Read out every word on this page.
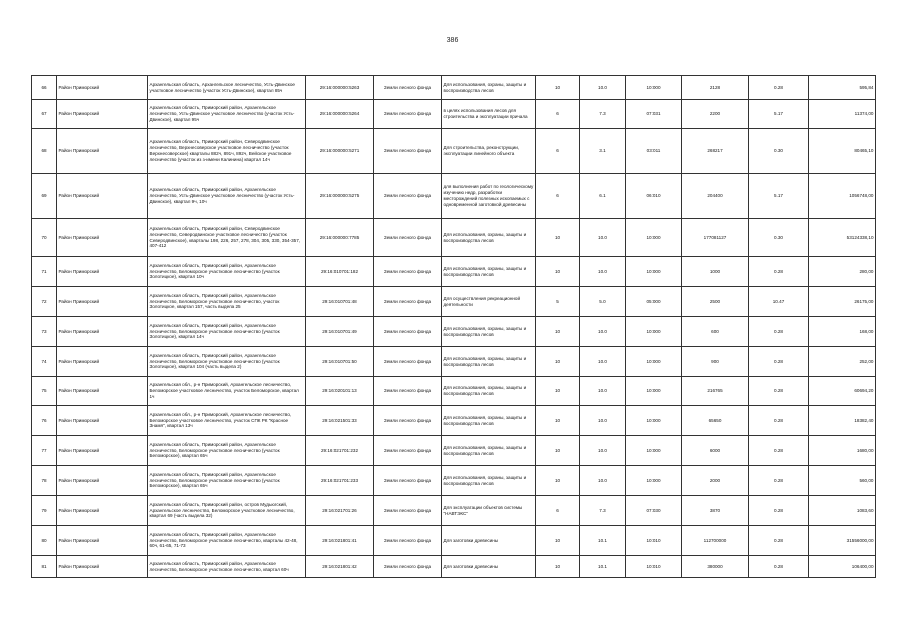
386
66	Район Приморский	Архангельская область, Архангельское лесничество, Усть-Двинское участковое лесничество (участок Усть-Двинское), квартал 85ч	29:16:000000:5263	Земли лесного фонда	Для использования, охраны, защиты и воспроизводства лесов	10	10.0	10:000	2128	0.28	595,84
67	Район Приморский	Архангельская область, Приморский район, Архангельское лесничество, Усть-Двинское участковое лесничество (участок Усть-Двинское), квартал 95ч	29:16:000000:5264	Земли лесного фонда	в целях использования лесов для строительства и эксплуатации причала	6	7.3	07:031	2200	5.17	11374,00
68	Район Приморский	Архангельская область, Приморский район, Северодвинское лесничество, Верхнесоверское участковое лесничество (участок Верхнесоверское) кварталы 882ч, 891ч, 892ч, Вейское участковое лесничество (участок из з-имени Калинина) квартал 14ч	29:16:000000:5271	Земли лесного фонда	Для строительства, реконструкции, эксплуатации линейного объекта	6	3.1	03:011	268217	0.30	80465,10
69	Район Приморский	Архангельская область, Приморский район, Архангельское лесничество, Усть-Двинское участковое лесничество (участок Усть-Двинское), квартал 9ч, 10ч	29:16:000000:5275	Земли лесного фонда	для выполнения работ по геологическому изучению недр, разработки месторождений полезных ископаемых с одновременной заготовкой древесины	6	6.1	06:010	204400	5.17	1056748,00
70	Район Приморский	Архангельская область, Приморский район, Северодвинское лесничество, Северодвинское участковое лесничество (участок Северодвинское), кварталы 198, 226, 257, 278, 304, 305, 330, 354-357, 407-412	29:16:000000:7785	Земли лесного фонда	Для использования, охраны, защиты и воспроизводства лесов	10	10.0	10:000	177081127	0.30	53124338,10
71	Район Приморский	Архангельская область, Приморский район, Архангельское лесничество, Беломорское участковое лесничество (участок Золотицкое), квартал 10ч	29:16:010701:182	Земли лесного фонда	Для использования, охраны, защиты и воспроизводства лесов	10	10.0	10:000	1000	0.28	280,00
72	Район Приморский	Архангельская область, Приморский район, Архангельское лесничество, Беломорское участковое лесничество, участок Золотицкое, квартал 157, часть выдела 25	29:16:010701:48	Земли лесного фонда	Для осуществления рекреационной деятельности	5	5.0	05:000	2500	10.47	26175,00
73	Район Приморский	Архангельская область, Приморский район, Архангельское лесничество, Беломорское участковое лесничество (участок Золотицкое), квартал 14ч	29:16:010701:49	Земли лесного фонда	Для использования, охраны, защиты и воспроизводства лесов	10	10.0	10:000	600	0.28	168,00
74	Район Приморский	Архангельская область, Приморский район, Архангельское лесничество, Беломорское участковое лесничество (участок Золотицкое), квартал 104 (часть выдела 2)	29:16:010701:50	Земли лесного фонда	Для использования, охраны, защиты и воспроизводства лесов	10	10.0	10:000	900	0.28	252,00
75	Район Приморский	Архангельская обл., р-н Приморский, Архангельское лесничество, Беломорское участковое лесничество, участок Беломорское, квартал 1ч	29:16:020101:13	Земли лесного фонда	Для использования, охраны, защиты и воспроизводства лесов	10	10.0	10:000	216765	0.28	60694,20
76	Район Приморский	Архангельская обл., р-н Приморский, Архангельское лесничество, Беломорское участковое лесничество, участок СПК РК "Красное Знамя", квартал 13ч	29:16:021501:33	Земли лесного фонда	Для использования, охраны, защиты и воспроизводства лесов	10	10.0	10:000	65650	0.28	18382,40
77	Район Приморский	Архангельская область, Приморский район, Архангельское лесничество, Беломорское участковое лесничество (участок Беломорское), квартал 65ч	29:16:021701:232	Земли лесного фонда	Для использования, охраны, защиты и воспроизводства лесов	10	10.0	10:000	6000	0.28	1680,00
78	Район Приморский	Архангельская область, Приморский район, Архангельское лесничество, Беломорское участковое лесничество (участок Беломорское), квартал 65ч	29:16:021701:233	Земли лесного фонда	Для использования, охраны, защиты и воспроизводства лесов	10	10.0	10:000	2000	0.28	560,00
79	Район Приморский	Архангельская область, Приморский район, остров Мудьюгский, Архангельское лесничество, Беломорское участковое лесничество, квартал 69 (часть выдела 32)	29:16:021701:26	Земли лесного фонда	Для эксплуатации объектов системы "НАВТЭКС"	6	7.3	07:030	3870	0.28	1083,60
80	Район Приморский	Архангельская область, Приморский район, Архангельское лесничество, Беломорское участковое лесничество, кварталы 42-48, 60ч, 61-65, 71-73	29:16:021801:41	Земли лесного фонда	Для заготовки древесины	10	10.1	10:010	112700000	0.28	31556000,00
81	Район Приморский	Архангельская область, Приморский район, Архангельское лесничество, Беломорское участковое лесничество, квартал 60ч	29:16:021801:42	Земли лесного фонда	Для заготовки древесины	10	10.1	10:010	380000	0.28	106400,00
